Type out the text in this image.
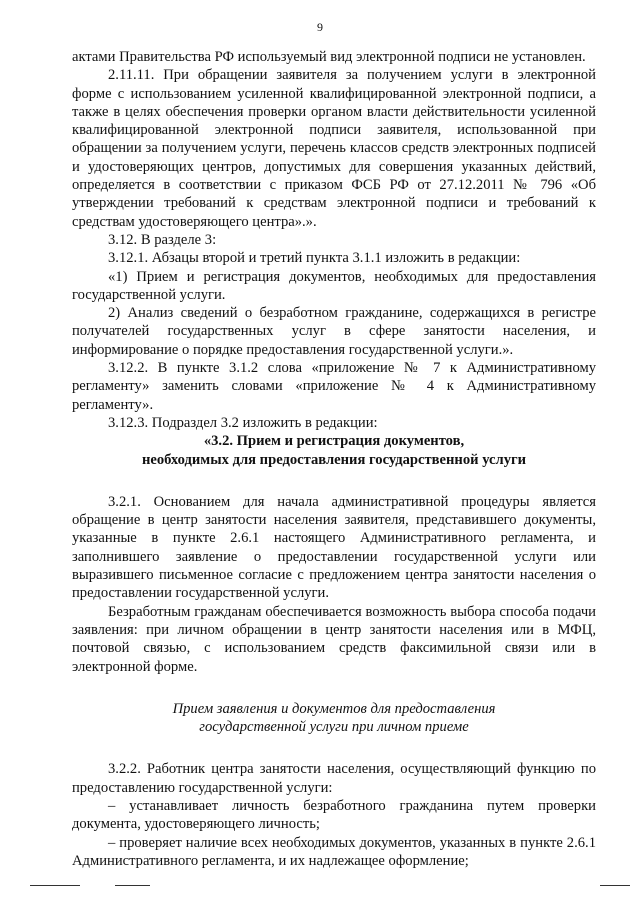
9

актами Правительства РФ используемый вид электронной подписи не установлен.

2.11.11. При обращении заявителя за получением услуги в электронной форме с использованием усиленной квалифицированной электронной подписи, а также в целях обеспечения проверки органом власти действительности усиленной квалифицированной электронной подписи заявителя, использованной при обращении за получением услуги, перечень классов средств электронных подписей и удостоверяющих центров, допустимых для совершения указанных действий, определяется в соответствии с приказом ФСБ РФ от 27.12.2011 № 796 «Об утверждении требований к средствам электронной подписи и требований к средствам удостоверяющего центра».».

3.12. В разделе 3:

3.12.1. Абзацы второй и третий пункта 3.1.1 изложить в редакции:

«1) Прием и регистрация документов, необходимых для предоставления государственной услуги.

2) Анализ сведений о безработном гражданине, содержащихся в регистре получателей государственных услуг в сфере занятости населения, и информирование о порядке предоставления государственной услуги.».

3.12.2. В пункте 3.1.2 слова «приложение № 7 к Административному регламенту» заменить словами «приложение № 4 к Административному регламенту».

3.12.3. Подраздел 3.2 изложить в редакции:

«3.2. Прием и регистрация документов,

необходимых для предоставления государственной услуги

3.2.1. Основанием для начала административной процедуры является обращение в центр занятости населения заявителя, представившего документы, указанные в пункте 2.6.1 настоящего Административного регламента, и заполнившего заявление о предоставлении государственной услуги или выразившего письменное согласие с предложением центра занятости населения о предоставлении государственной услуги.

Безработным гражданам обеспечивается возможность выбора способа подачи заявления: при личном обращении в центр занятости населения или в МФЦ, почтовой связью, с использованием средств факсимильной связи или в электронной форме.

Прием заявления и документов для предоставления

государственной услуги при личном приеме

3.2.2. Работник центра занятости населения, осуществляющий функцию по предоставлению государственной услуги:

– устанавливает личность безработного гражданина путем проверки документа, удостоверяющего личность;

– проверяет наличие всех необходимых документов, указанных в пункте 2.6.1 Административного регламента, и их надлежащее оформление;
